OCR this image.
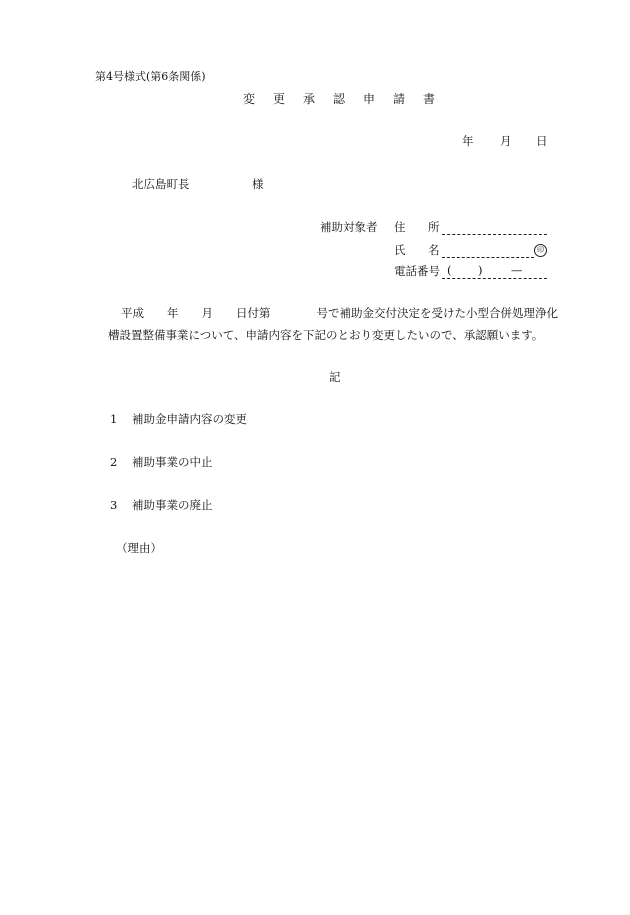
第4号様式(第6条関係)
変更承認申請書
年 月 日
北広島町長	様
補助対象者 住 所
氏 名	印
電話番号 ( ) —
平成　　年　　月　　日付第　　　　号で補助金交付決定を受けた小型合併処理浄化
槽設置整備事業について、申請内容を下記のとおり変更したいので、承認願います。
記
1 補助金申請内容の変更
2 補助事業の中止
3 補助事業の廃止
（理由）
